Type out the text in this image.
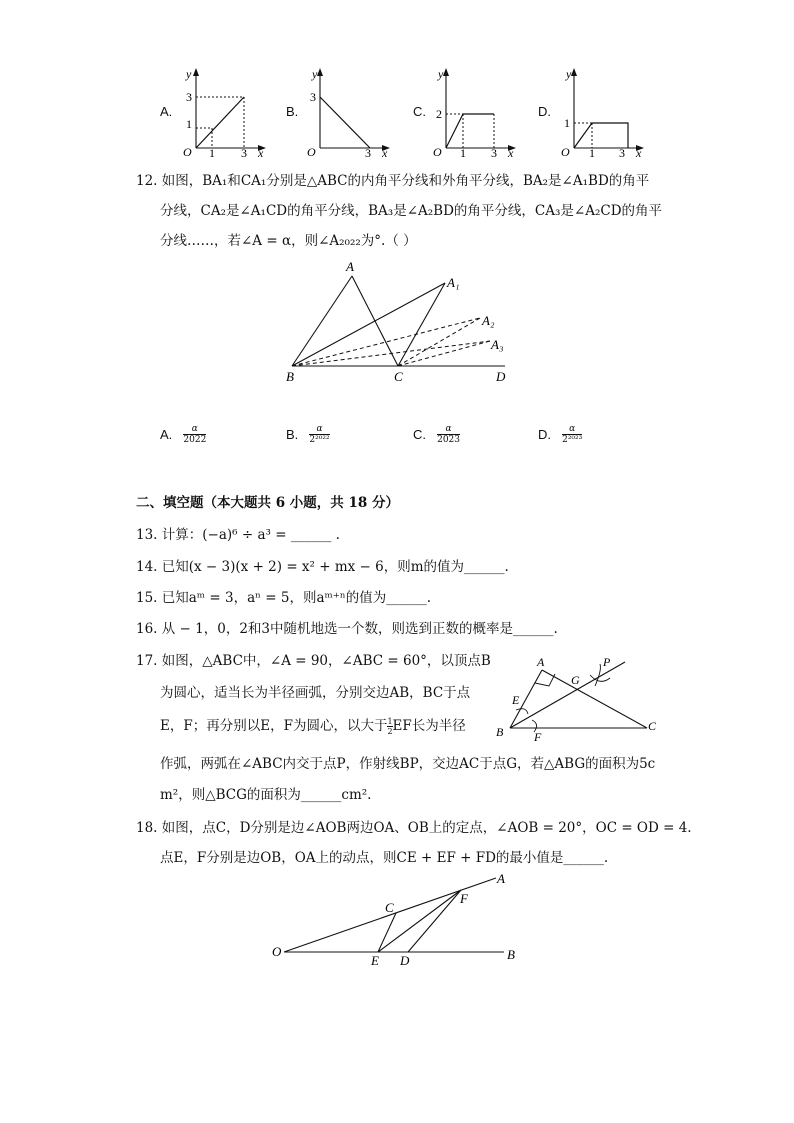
A.
y
x
O
3
1
1 3
B.
y
x
O
3
3
C.
y
x
O
2
1 3
D.
y
x
O
1
1 3
12. 如图，BA₁和CA₁分别是△ABC的内角平分线和外角平分线，BA₂是∠A₁BD的角平
分线，CA₂是∠A₁CD的角平分线，BA₃是∠A₂BD的角平分线，CA₃是∠A₂CD的角平
分线……，若∠A = α，则∠A₂₀₂₂为°.（ ）
A
A₁
A₂
A₃
B	C	D
A. $\frac{\alpha}{2022}$	B. $\frac{\alpha}{\text{2²⁰²²}}$	C. $\frac{\alpha}{2023}$	D. $\frac{\alpha}{\text{2²⁰²³}}$
二、填空题（本大题共 6 小题，共 18 分）
13. 计算：(−a)⁶ ÷ a³ = ______ .
14. 已知(x − 3)(x + 2) = x² + mx − 6，则m的值为______.
15. 已知aᵐ = 3，aⁿ = 5，则aᵐ⁺ⁿ的值为______.
16. 从 − 1，0，2和3中随机地选一个数，则选到正数的概率是______.
17. 如图，△ABC中，∠A = 90，∠ABC = 60°，以顶点B
为圆心，适当长为半径画弧，分别交边AB，BC于点
E，F；再分别以E，F为圆心，以大于 $\frac{1}{2}$ EF长为半径
作弧，两弧在∠ABC内交于点P，作射线BP，交边AC于点G，若△ABG的面积为5c
m²，则△BCG的面积为______cm².
A
B	C
E
F
G
P
18. 如图，点C，D分别是边∠AOB两边OA、OB上的定点，∠AOB = 20°，OC = OD = 4.
点E，F分别是边OB，OA上的动点，则CE + EF + FD的最小值是______.
O
A
B
C
D
E
F
